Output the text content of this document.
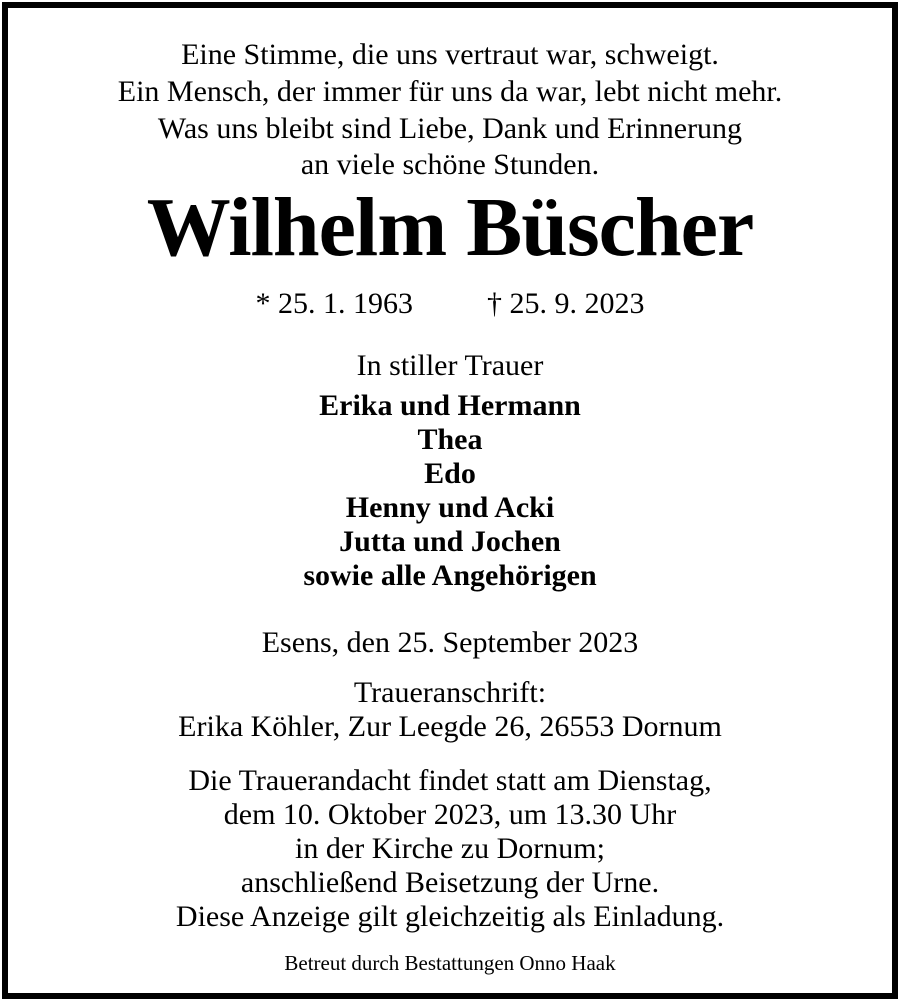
Eine Stimme, die uns vertraut war, schweigt.
Ein Mensch, der immer für uns da war, lebt nicht mehr.
Was uns bleibt sind Liebe, Dank und Erinnerung
an viele schöne Stunden.
Wilhelm Büscher
* 25. 1. 1963 † 25. 9. 2023
In stiller Trauer
Erika und Hermann
Thea
Edo
Henny und Acki
Jutta und Jochen
sowie alle Angehörigen
Esens, den 25. September 2023
Traueranschrift:
Erika Köhler, Zur Leegde 26, 26553 Dornum
Die Trauerandacht findet statt am Dienstag,
dem 10. Oktober 2023, um 13.30 Uhr
in der Kirche zu Dornum;
anschließend Beisetzung der Urne.
Diese Anzeige gilt gleichzeitig als Einladung.
Betreut durch Bestattungen Onno Haak
